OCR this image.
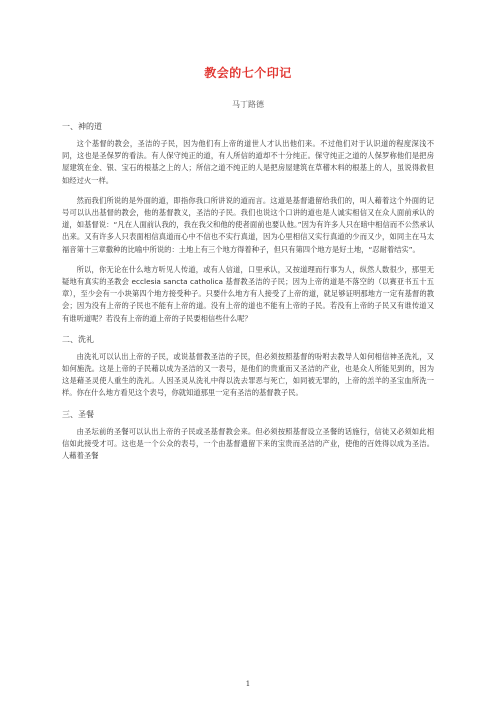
教会的七个印记
马丁路德
一、神的道

这个基督的教会，圣洁的子民，因为他们有上帝的道世人才认出他们来。不过他们对于认识道的程度深浅不同，这也是圣保罗的看法。有人保守纯正的道，有人所信的道却不十分纯正。保守纯正之道的人保罗称他们是把房屋建筑在金、银、宝石的根基之上的人；所信之道不纯正的人是把房屋建筑在草稽木料的根基上的人，虽说得救但如经过火一样。

然而我们所说的是外面的道，即指你我口所讲说的道而言。这道是基督遗留给我们的，叫人藉着这个外面的记号可以认出基督的教会，他的基督教义，圣洁的子民。我们也说这个口讲的道也是人诚实相信又在众人面前承认的道，如基督说：“凡在人面前认我的，我在我父和他的使者面前也要认他。”因为有许多人只在暗中相信而不公然承认出来。又有许多人只表面相信真道而心中不信也不实行真道，因为心里相信又实行真道的少而又少，如同主在马太福音第十三章撒种的比喻中所说的：土地上有三个地方得着种子，但只有第四个地方是好土地，“忍耐着结实”。

所以，你无论在什么地方听见人传道，或有人信道，口里承认，又按道理而行事为人，纵然人数很少，那里无疑地有真实的圣教会 ecclesia sancta catholica 基督教圣洁的子民；因为上帝的道是不落空的（以赛亚书五十五章），至少会有一小块第四个地方接受种子。只要什么地方有人接受了上帝的道，就足够证明那地方一定有基督的教会；因为没有上帝的子民也不能有上帝的道。没有上帝的道也不能有上帝的子民。若没有上帝的子民又有谁传道又有谁听道呢？若没有上帝的道上帝的子民要相信些什么呢？

二、洗礼

由洗礼可以认出上帝的子民，或说基督教圣洁的子民，但必须按照基督的吩咐去教导人如何相信神圣洗礼，又如何施洗。这是上帝的子民藉以成为圣洁的又一表号，是他们的贵重而又圣洁的产业，也是众人所能见到的，因为这是藉圣灵使人重生的洗礼。人因圣灵从洗礼中得以洗去罪恶与死亡，如同被无罪的，上帝的羔羊的圣宝血所洗一样。你在什么地方看见这个表号，你就知道那里一定有圣洁的基督教子民。

三、圣餐

由圣坛前的圣餐可以认出上帝的子民或圣基督教会来。但必须按照基督设立圣餐的话施行，信徒又必须如此相信如此接受才可。这也是一个公众的表号，一个由基督遗留下来的宝贵而圣洁的产业，使他的百姓得以成为圣洁。人藉着圣餐

1
